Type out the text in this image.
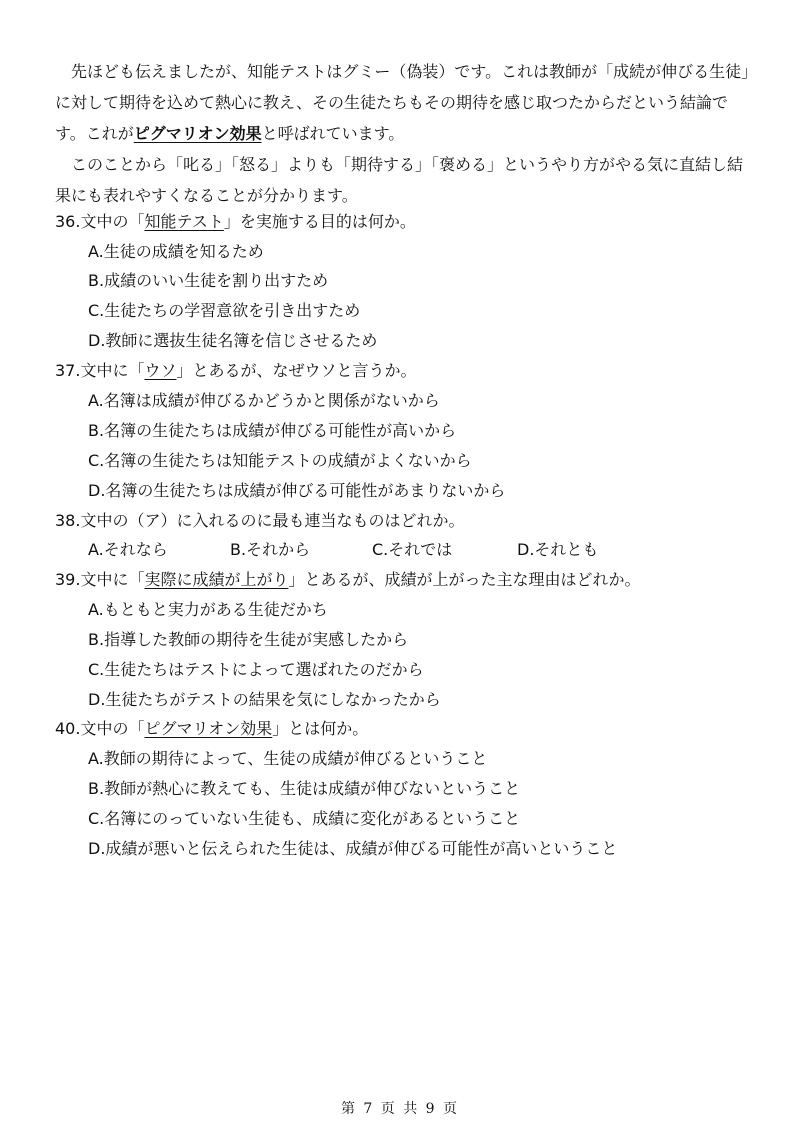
先ほども伝えましたが、知能テストはグミー（偽装）です。これは教師が「成続が伸びる生徒」に対して期待を込めて熱心に教え、その生徒たちもその期待を感じ取つたからだという結論です。これがピグマリオン効果と呼ばれています。
このことから「叱る」「怒る」よりも「期待する」「褒める」というやり方がやる気に直結し結果にも表れやすくなることが分かります。
36.文中の「知能テスト」を実施する目的は何か。
A.生徒の成績を知るため
B.成績のいい生徒を割り出すため
C.生徒たちの学習意欲を引き出すため
D.教師に選抜生徒名簿を信じさせるため
37.文中に「ウソ」とあるが、なぜウソと言うか。
A.名簿は成績が伸びるかどうかと関係がないから
B.名簿の生徒たちは成績が伸びる可能性が高いから
C.名簿の生徒たちは知能テストの成績がよくないから
D.名簿の生徒たちは成績が伸びる可能性があまりないから
38.文中の（ア）に入れるのに最も連当なものはどれか。
A.それなら	B.それから	C.それでは	D.それとも
39.文中に「実際に成績が上がり」とあるが、成績が上がった主な理由はどれか。
A.もともと実力がある生徒だかち
B.指導した教師の期待を生徒が実感したから
C.生徒たちはテストによって選ばれたのだから
D.生徒たちがテストの結果を気にしなかったから
40.文中の「ピグマリオン効果」とは何か。
A.教師の期待によって、生徒の成績が伸びるということ
B.教師が熱心に教えても、生徒は成績が伸びないということ
C.名簿にのっていない生徒も、成績に変化があるということ
D.成績が悪いと伝えられた生徒は、成績が伸びる可能性が高いということ
第 7 页 共 9 页
